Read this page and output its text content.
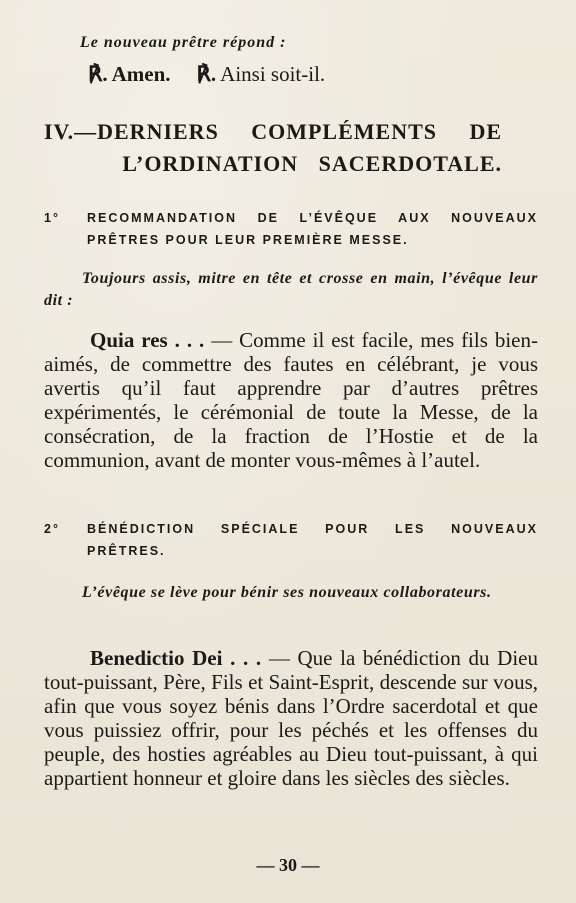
Le nouveau prêtre répond :
℟. Amen. ℟. Ainsi soit-il.
IV.—DERNIERS COMPLÉMENTS DE
L’ORDINATION SACERDOTALE.
1° RECOMMANDATION DE L’ÉVÊQUE AUX NOUVEAUX PRÊTRES POUR LEUR PREMIÈRE MESSE.
Toujours assis, mitre en tête et crosse en main, l’évêque leur dit :
Quia res . . . — Comme il est facile, mes fils bien-aimés, de commettre des fautes en célébrant, je vous avertis qu’il faut apprendre par d’autres prêtres expérimentés, le cérémonial de toute la Messe, de la consécration, de la fraction de l’Hostie et de la communion, avant de monter vous-mêmes à l’autel.
2° BÉNÉDICTION SPÉCIALE POUR LES NOUVEAUX PRÊTRES.
L’évêque se lève pour bénir ses nouveaux collaborateurs.
Benedictio Dei . . . — Que la bénédiction du Dieu tout-puissant, Père, Fils et Saint-Esprit, descende sur vous, afin que vous soyez bénis dans l’Ordre sacerdotal et que vous puissiez offrir, pour les péchés et les offenses du peuple, des hosties agréables au Dieu tout-puissant, à qui appartient honneur et gloire dans les siècles des siècles.
— 30 —
